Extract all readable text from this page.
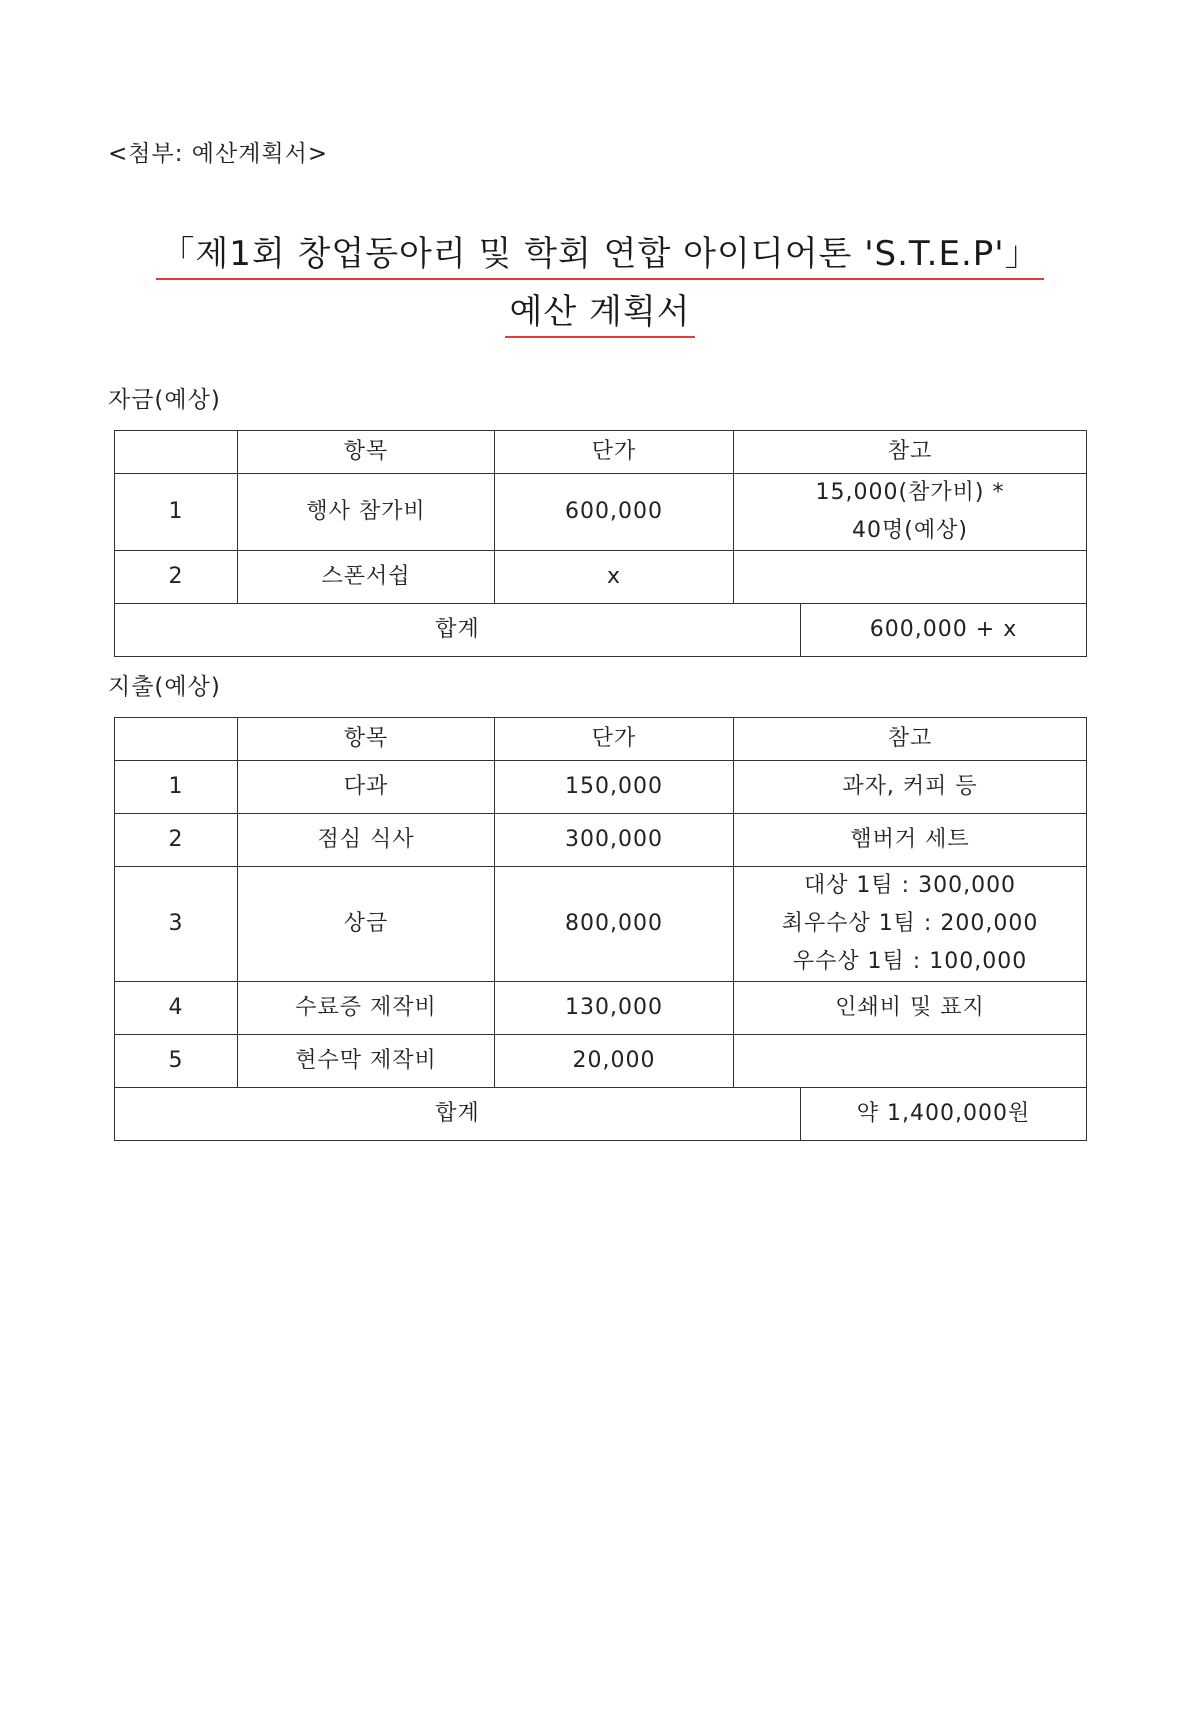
<첨부: 예산계획서>
「제1회 창업동아리 및 학회 연합 아이디어톤 'S.T.E.P'」
예산 계획서
자금(예상)
	항목	단가	참고	
1	행사 참가비	600,000	15,000(참가비) *
40명(예상)	

2	스폰서쉽	x		
합계				600,000 + x
지출(예상)
	항목	단가	참고	
1	다과	150,000	과자, 커피 등	
2	점심 식사	300,000	햄버거 세트	
3	상금	800,000	대상 1팀 : 300,000
최우수상 1팀 : 200,000
우수상 1팀 : 100,000	

4	수료증 제작비	130,000	인쇄비 및 표지	
5	현수막 제작비	20,000		
합계				약 1,400,000원
